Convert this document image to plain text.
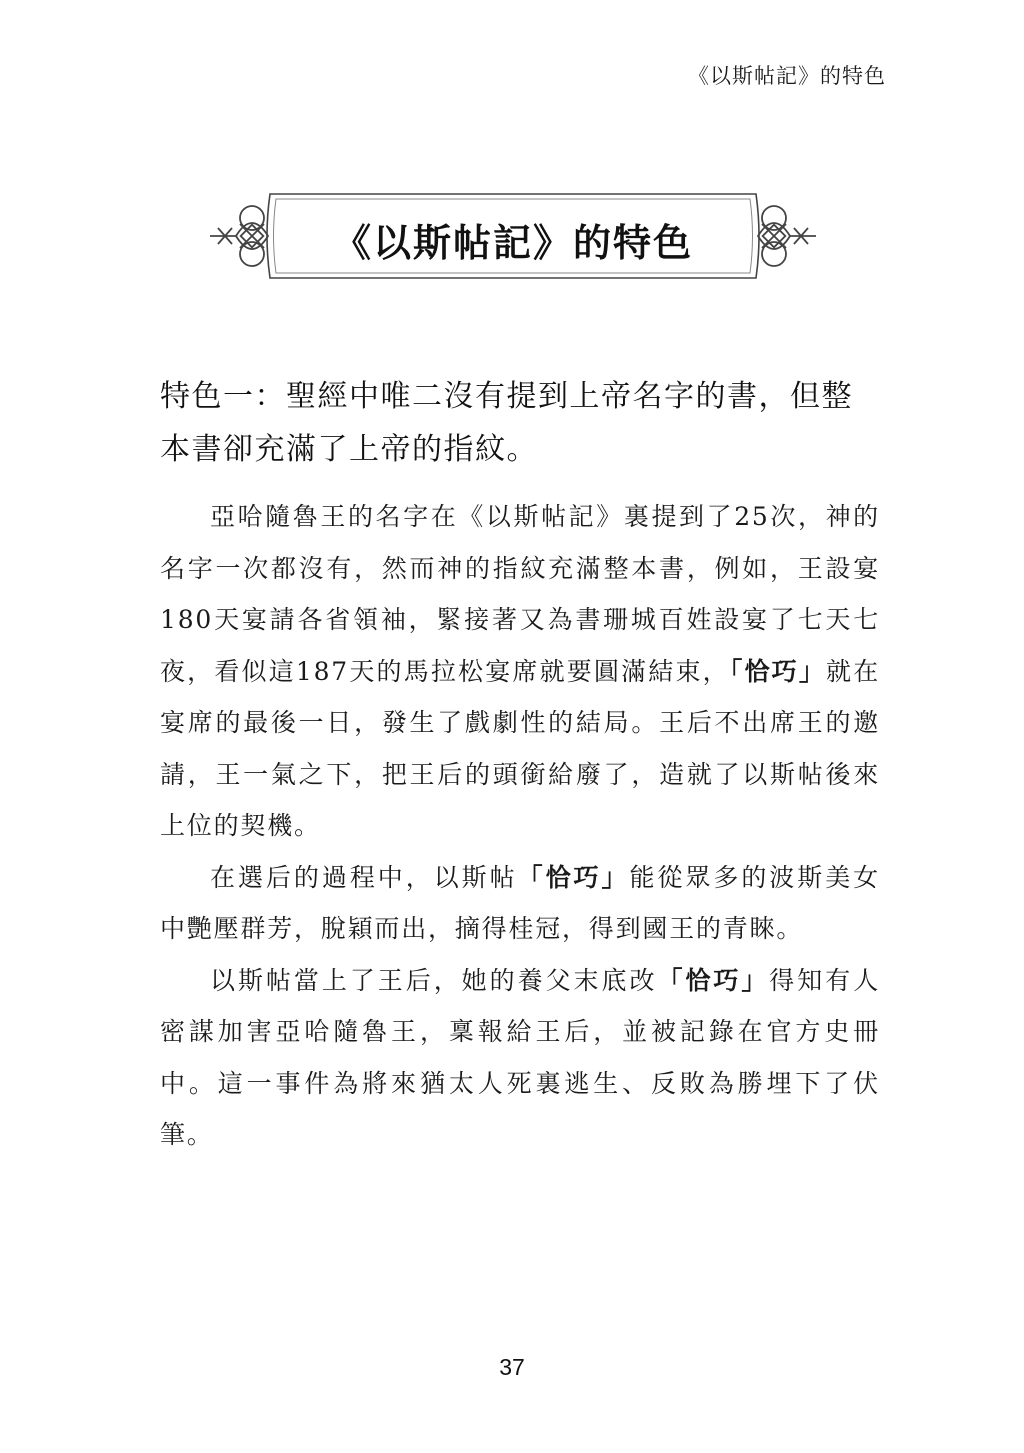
《以斯帖記》的特色
《以斯帖記》的特色
特色一：聖經中唯二沒有提到上帝名字的書，但整本書卻充滿了上帝的指紋。

亞哈隨魯王的名字在《以斯帖記》裏提到了25次，神的名字一次都沒有，然而神的指紋充滿整本書，例如，王設宴180天宴請各省領袖，緊接著又為書珊城百姓設宴了七天七夜，看似這187天的馬拉松宴席就要圓滿結束，「恰巧」就在宴席的最後一日，發生了戲劇性的結局。王后不出席王的邀請，王一氣之下，把王后的頭銜給廢了，造就了以斯帖後來上位的契機。

在選后的過程中，以斯帖「恰巧」能從眾多的波斯美女中艷壓群芳，脫穎而出，摘得桂冠，得到國王的青睞。

以斯帖當上了王后，她的養父末底改「恰巧」得知有人密謀加害亞哈隨魯王，稟報給王后，並被記錄在官方史冊中。這一事件為將來猶太人死裏逃生、反敗為勝埋下了伏筆。

37
